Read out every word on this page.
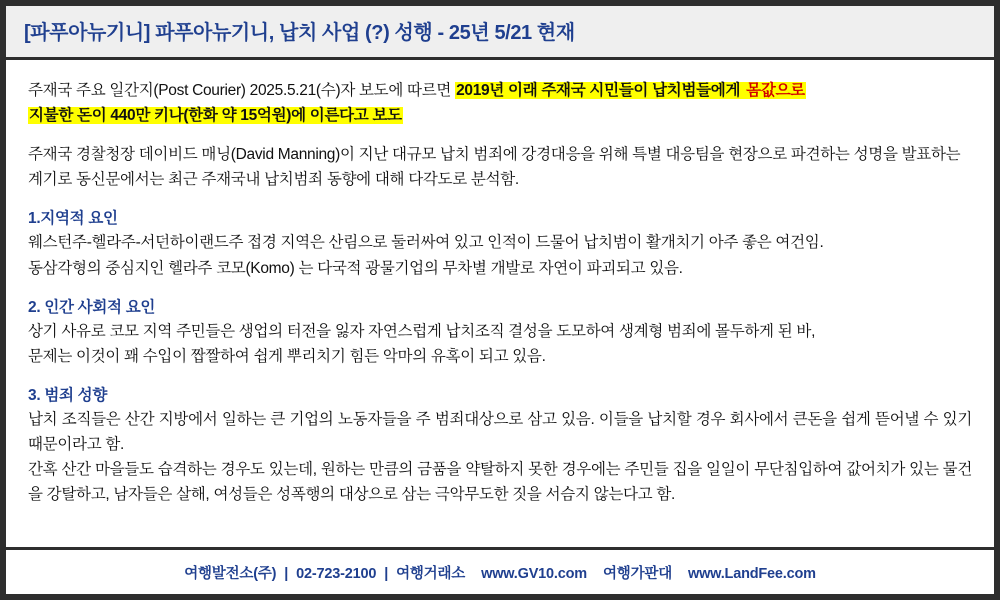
[파푸아뉴기니] 파푸아뉴기니, 납치 사업 (?) 성행 - 25년 5/21 현재

주재국 주요 일간지(Post Courier) 2025.5.21(수)자 보도에 따르면 2019년 이래 주재국 시민들이 납치범들에게 몸값으로
지불한 돈이 440만 키나(한화 약 15억원)에 이른다고 보도

주재국 경찰청장 데이비드 매닝(David Manning)이 지난 대규모 납치 범죄에 강경대응을 위해 특별 대응팀을 현장으로 파견하는 성명을 발표하는 계기로 동신문에서는 최근 주재국내 납치범죄 동향에 대해 다각도로 분석함.

1.지역적 요인

웨스턴주-헬라주-서던하이랜드주 접경 지역은 산림으로 둘러싸여 있고 인적이 드물어 납치범이 활개치기 아주 좋은 여건임.

동삼각형의 중심지인 헬라주 코모(Komo) 는 다국적 광물기업의 무차별 개발로 자연이 파괴되고 있음.

2. 인간 사회적 요인

상기 사유로 코모 지역 주민들은 생업의 터전을 잃자 자연스럽게 납치조직 결성을 도모하여 생계형 범죄에 몰두하게 된 바,

문제는 이것이 꽤 수입이 짭짤하여 쉽게 뿌리치기 힘든 악마의 유혹이 되고 있음.

3. 범죄 성향

납치 조직들은 산간 지방에서 일하는 큰 기업의 노동자들을 주 범죄대상으로 삼고 있음. 이들을 납치할 경우 회사에서 큰돈을 쉽게 뜯어낼 수 있기 때문이라고 함.

간혹 산간 마을들도 습격하는 경우도 있는데, 원하는 만큼의 금품을 약탈하지 못한 경우에는 주민들 집을 일일이 무단침입하여 값어치가 있는 물건을 강탈하고, 남자들은 살해, 여성들은 성폭행의 대상으로 삼는 극악무도한 짓을 서슴지 않는다고 함.

여행발전소(주) | 02-723-2100 | 여행거래소 www.GV10.com 여행가판대 www.LandFee.com
